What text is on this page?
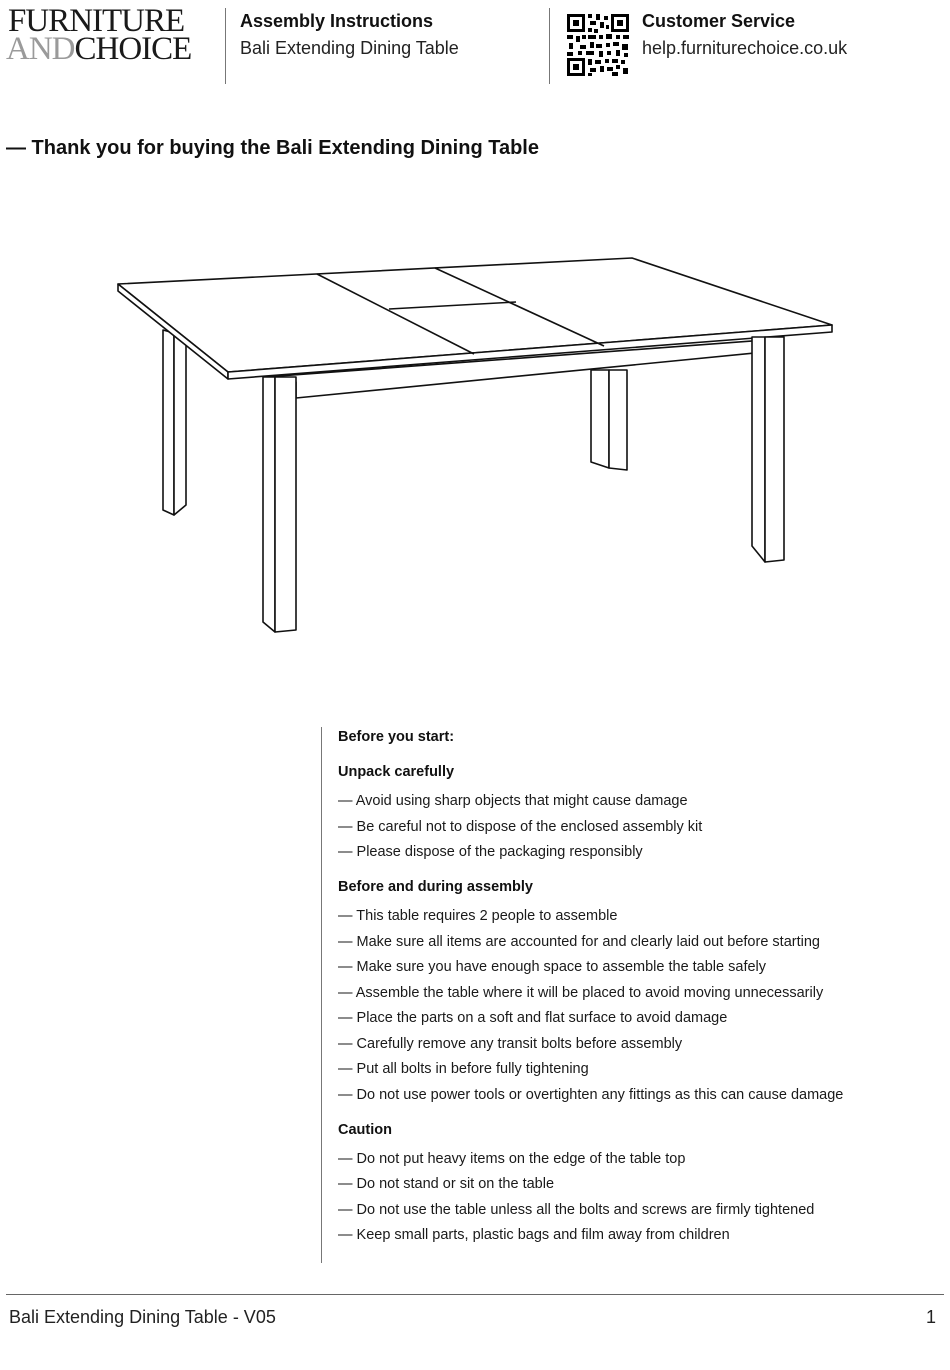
FURNITURE
ANDCHOICE
Assembly Instructions
Bali Extending Dining Table
Customer Service
help.furniturechoice.co.uk
— Thank you for buying the Bali Extending Dining Table
Before you start:
Unpack carefully
— Avoid using sharp objects that might cause damage
— Be careful not to dispose of the enclosed assembly kit
— Please dispose of the packaging responsibly
Before and during assembly
— This table requires 2 people to assemble
— Make sure all items are accounted for and clearly laid out before starting
— Make sure you have enough space to assemble the table safely
— Assemble the table where it will be placed to avoid moving unnecessarily
— Place the parts on a soft and flat surface to avoid damage
— Carefully remove any transit bolts before assembly
— Put all bolts in before fully tightening
— Do not use power tools or overtighten any fittings as this can cause damage
Caution
— Do not put heavy items on the edge of the table top
— Do not stand or sit on the table
— Do not use the table unless all the bolts and screws are firmly tightened
— Keep small parts, plastic bags and film away from children
Bali Extending Dining Table - V05	1
